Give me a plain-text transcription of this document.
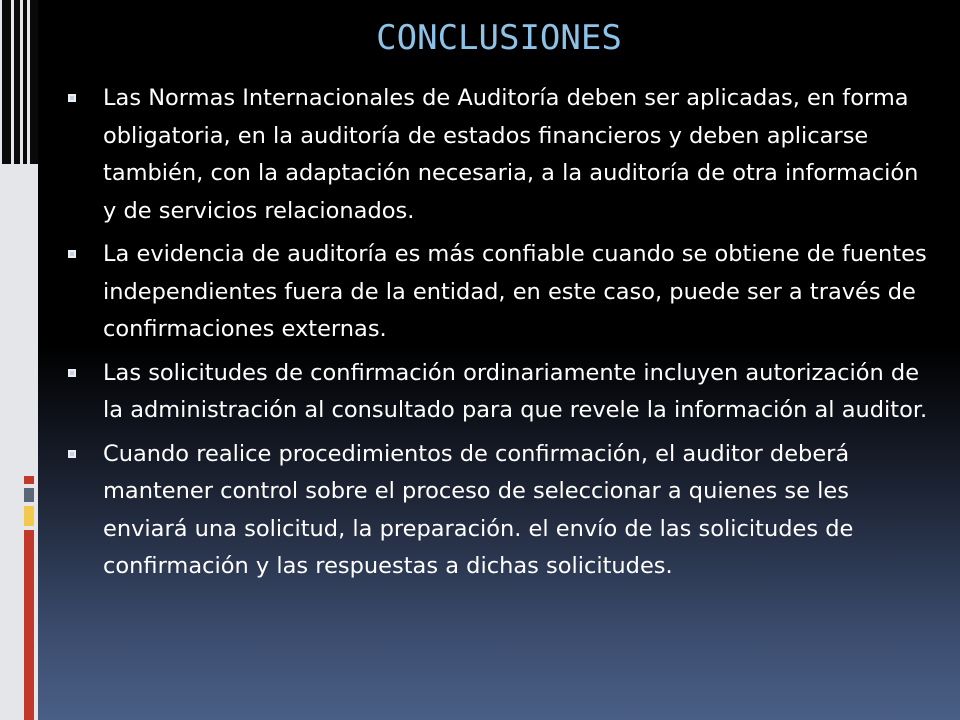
CONCLUSIONES
Las Normas Internacionales de Auditoría deben ser aplicadas, en forma obligatoria, en la auditoría de estados financieros y deben aplicarse también, con la adaptación necesaria, a la auditoría de otra información y de servicios relacionados.
La evidencia de auditoría es más confiable cuando se obtiene de fuentes independientes fuera de la entidad, en este caso, puede ser a través de confirmaciones externas.
Las solicitudes de confirmación ordinariamente incluyen autorización de la administración al consultado para que revele la información al auditor.
Cuando realice procedimientos de confirmación, el auditor deberá mantener control sobre el proceso de seleccionar a quienes se les enviará una solicitud, la preparación. el envío de las solicitudes de confirmación y las respuestas a dichas solicitudes.
